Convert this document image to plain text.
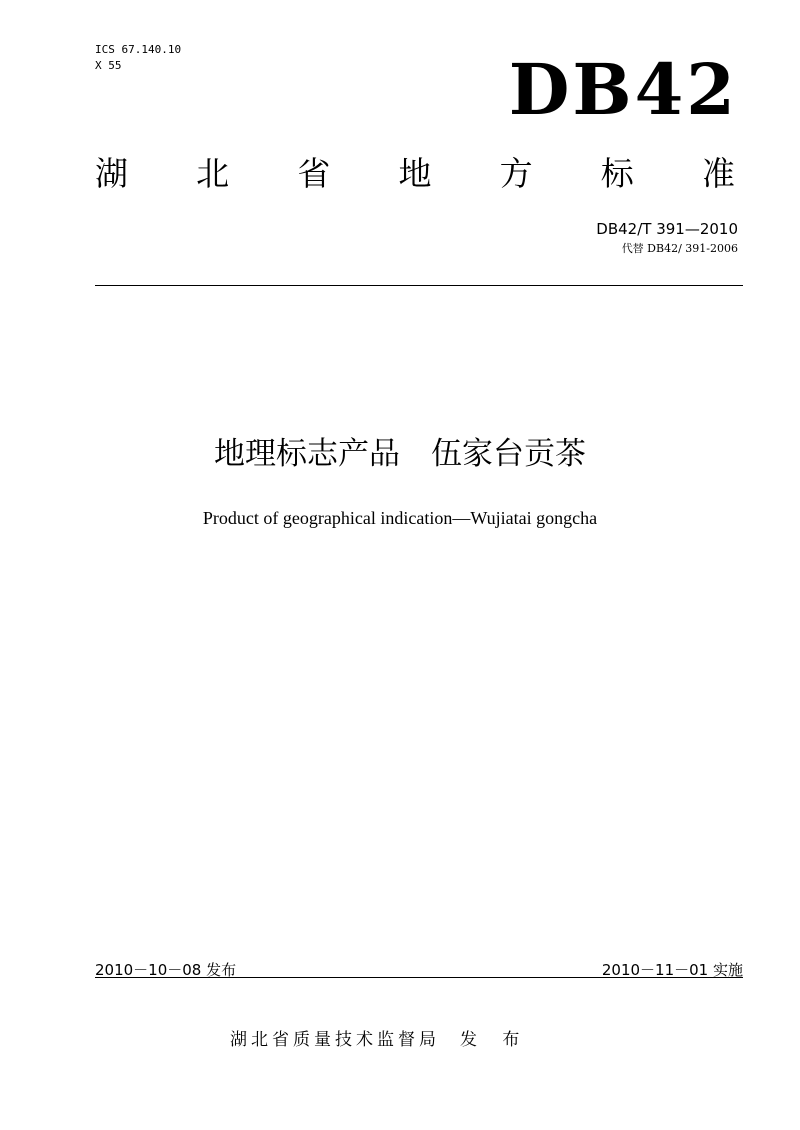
ICS 67.140.10
X 55	DB42
湖 北 省 地 方 标 准
DB42/T 391—2010
代替 DB42/ 391-2006
地理标志产品　伍家台贡茶
Product of geographical indication—Wujiatai gongcha
2010－10－08 发布	2010－11－01 实施
湖北省质量技术监督局 发 布
